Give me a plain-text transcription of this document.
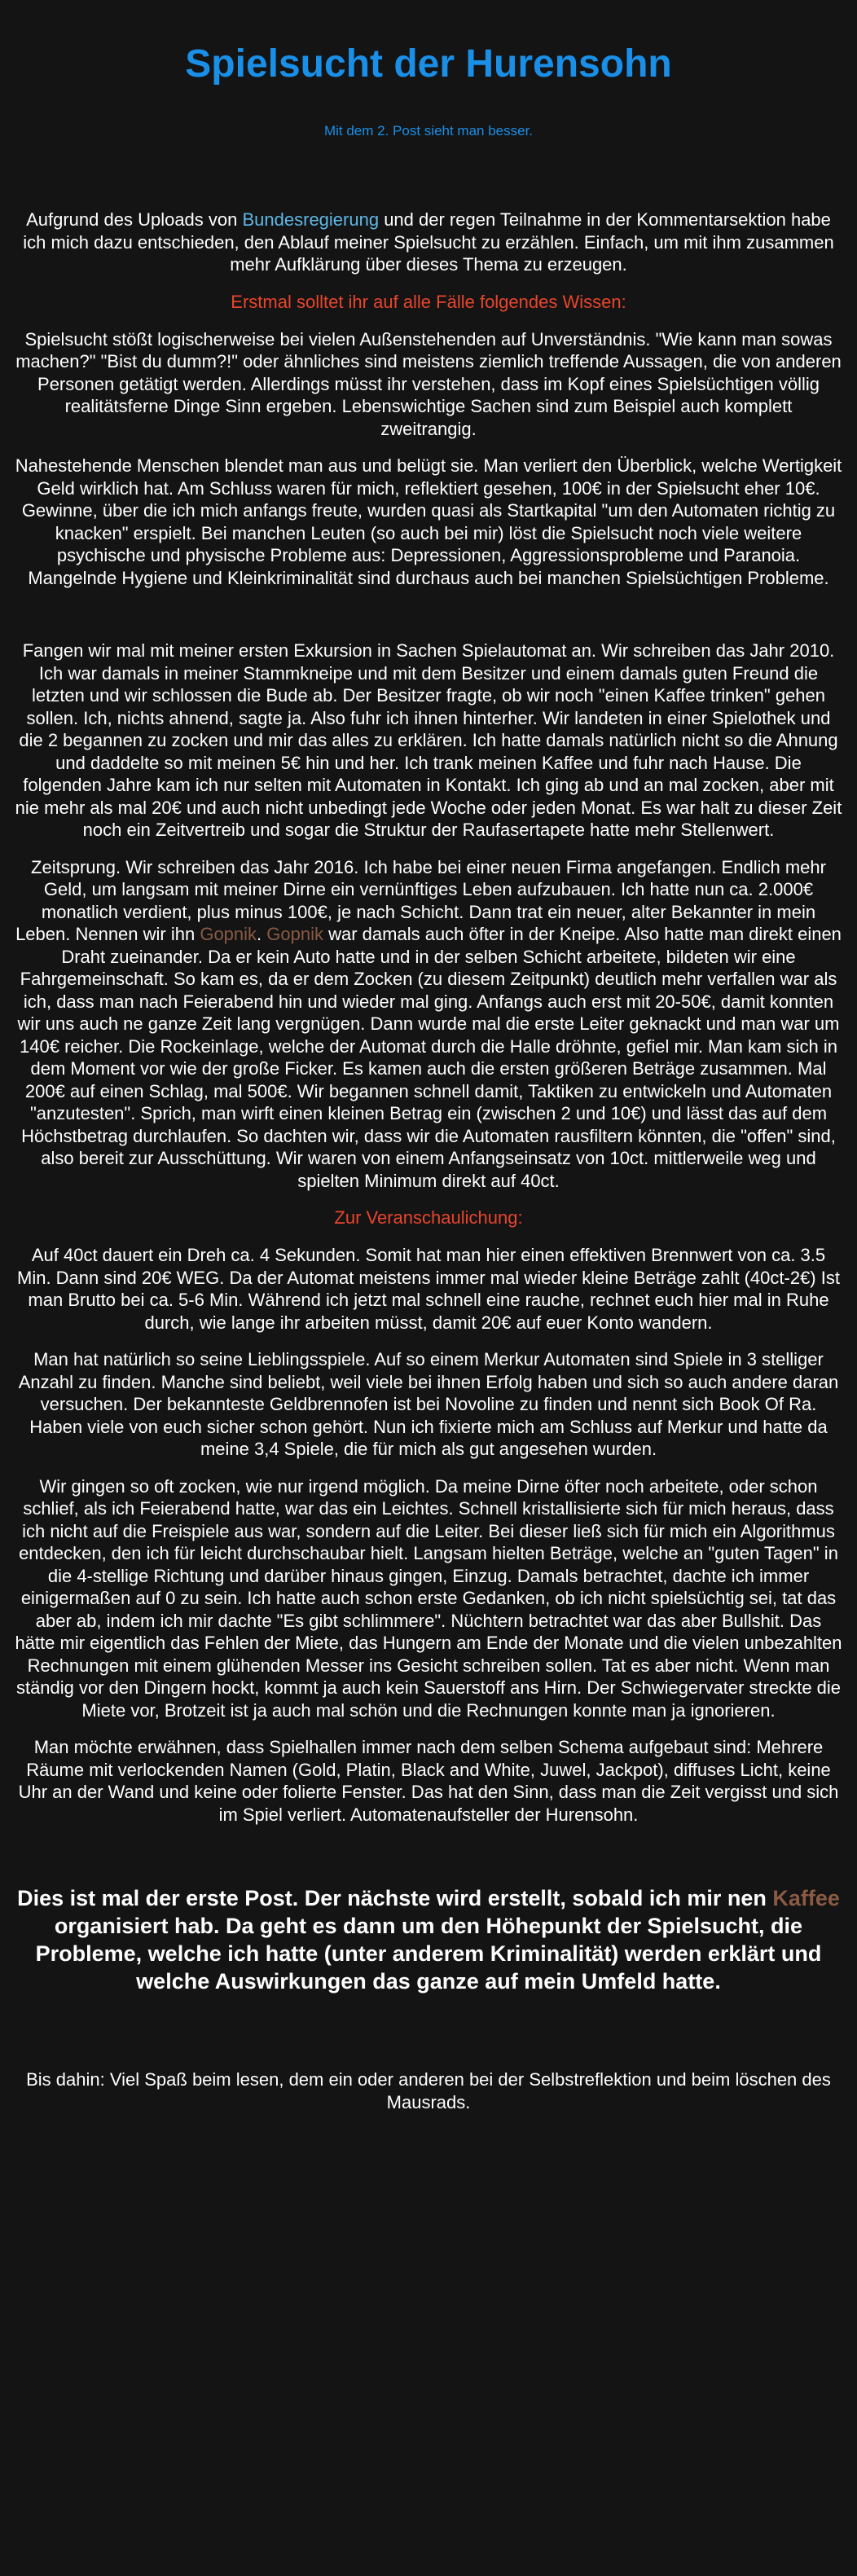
Spielsucht der Hurensohn
Mit dem 2. Post sieht man besser.

Aufgrund des Uploads von Bundesregierung und der regen Teilnahme in der Kommentarsektion habe ich mich dazu entschieden, den Ablauf meiner Spielsucht zu erzählen. Einfach, um mit ihm zusammen mehr Aufklärung über dieses Thema zu erzeugen.

Erstmal solltet ihr auf alle Fälle folgendes Wissen:

Spielsucht stößt logischerweise bei vielen Außenstehenden auf Unverständnis. "Wie kann man sowas machen?" "Bist du dumm?!" oder ähnliches sind meistens ziemlich treffende Aussagen, die von anderen Personen getätigt werden. Allerdings müsst ihr verstehen, dass im Kopf eines Spielsüchtigen völlig realitätsferne Dinge Sinn ergeben. Lebenswichtige Sachen sind zum Beispiel auch komplett zweitrangig.

Nahestehende Menschen blendet man aus und belügt sie. Man verliert den Überblick, welche Wertigkeit Geld wirklich hat. Am Schluss waren für mich, reflektiert gesehen, 100€ in der Spielsucht eher 10€. Gewinne, über die ich mich anfangs freute, wurden quasi als Startkapital "um den Automaten richtig zu knacken" erspielt. Bei manchen Leuten (so auch bei mir) löst die Spielsucht noch viele weitere psychische und physische Probleme aus: Depressionen, Aggressionsprobleme und Paranoia. Mangelnde Hygiene und Kleinkriminalität sind durchaus auch bei manchen Spielsüchtigen Probleme.

Fangen wir mal mit meiner ersten Exkursion in Sachen Spielautomat an. Wir schreiben das Jahr 2010. Ich war damals in meiner Stammkneipe und mit dem Besitzer und einem damals guten Freund die letzten und wir schlossen die Bude ab. Der Besitzer fragte, ob wir noch "einen Kaffee trinken" gehen sollen. Ich, nichts ahnend, sagte ja. Also fuhr ich ihnen hinterher. Wir landeten in einer Spielothek und die 2 begannen zu zocken und mir das alles zu erklären. Ich hatte damals natürlich nicht so die Ahnung und daddelte so mit meinen 5€ hin und her. Ich trank meinen Kaffee und fuhr nach Hause. Die folgenden Jahre kam ich nur selten mit Automaten in Kontakt. Ich ging ab und an mal zocken, aber mit nie mehr als mal 20€ und auch nicht unbedingt jede Woche oder jeden Monat. Es war halt zu dieser Zeit noch ein Zeitvertreib und sogar die Struktur der Raufasertapete hatte mehr Stellenwert.

Zeitsprung. Wir schreiben das Jahr 2016. Ich habe bei einer neuen Firma angefangen. Endlich mehr Geld, um langsam mit meiner Dirne ein vernünftiges Leben aufzubauen. Ich hatte nun ca. 2.000€ monatlich verdient, plus minus 100€, je nach Schicht. Dann trat ein neuer, alter Bekannter in mein Leben. Nennen wir ihn Gopnik. Gopnik war damals auch öfter in der Kneipe. Also hatte man direkt einen Draht zueinander. Da er kein Auto hatte und in der selben Schicht arbeitete, bildeten wir eine Fahrgemeinschaft. So kam es, da er dem Zocken (zu diesem Zeitpunkt) deutlich mehr verfallen war als ich, dass man nach Feierabend hin und wieder mal ging. Anfangs auch erst mit 20-50€, damit konnten wir uns auch ne ganze Zeit lang vergnügen. Dann wurde mal die erste Leiter geknackt und man war um 140€ reicher. Die Rockeinlage, welche der Automat durch die Halle dröhnte, gefiel mir. Man kam sich in dem Moment vor wie der große Ficker. Es kamen auch die ersten größeren Beträge zusammen. Mal 200€ auf einen Schlag, mal 500€. Wir begannen schnell damit, Taktiken zu entwickeln und Automaten "anzutesten". Sprich, man wirft einen kleinen Betrag ein (zwischen 2 und 10€) und lässt das auf dem Höchstbetrag durchlaufen. So dachten wir, dass wir die Automaten rausfiltern könnten, die "offen" sind, also bereit zur Ausschüttung. Wir waren von einem Anfangseinsatz von 10ct. mittlerweile weg und spielten Minimum direkt auf 40ct.

Zur Veranschaulichung:

Auf 40ct dauert ein Dreh ca. 4 Sekunden. Somit hat man hier einen effektiven Brennwert von ca. 3.5 Min. Dann sind 20€ WEG. Da der Automat meistens immer mal wieder kleine Beträge zahlt (40ct-2€) Ist man Brutto bei ca. 5-6 Min. Während ich jetzt mal schnell eine rauche, rechnet euch hier mal in Ruhe durch, wie lange ihr arbeiten müsst, damit 20€ auf euer Konto wandern.

Man hat natürlich so seine Lieblingsspiele. Auf so einem Merkur Automaten sind Spiele in 3 stelliger Anzahl zu finden. Manche sind beliebt, weil viele bei ihnen Erfolg haben und sich so auch andere daran versuchen. Der bekannteste Geldbrennofen ist bei Novoline zu finden und nennt sich Book Of Ra. Haben viele von euch sicher schon gehört. Nun ich fixierte mich am Schluss auf Merkur und hatte da meine 3,4 Spiele, die für mich als gut angesehen wurden.

Wir gingen so oft zocken, wie nur irgend möglich. Da meine Dirne öfter noch arbeitete, oder schon schlief, als ich Feierabend hatte, war das ein Leichtes. Schnell kristallisierte sich für mich heraus, dass ich nicht auf die Freispiele aus war, sondern auf die Leiter. Bei dieser ließ sich für mich ein Algorithmus entdecken, den ich für leicht durchschaubar hielt. Langsam hielten Beträge, welche an "guten Tagen" in die 4-stellige Richtung und darüber hinaus gingen, Einzug. Damals betrachtet, dachte ich immer einigermaßen auf 0 zu sein. Ich hatte auch schon erste Gedanken, ob ich nicht spielsüchtig sei, tat das aber ab, indem ich mir dachte "Es gibt schlimmere". Nüchtern betrachtet war das aber Bullshit. Das hätte mir eigentlich das Fehlen der Miete, das Hungern am Ende der Monate und die vielen unbezahlten Rechnungen mit einem glühenden Messer ins Gesicht schreiben sollen. Tat es aber nicht. Wenn man ständig vor den Dingern hockt, kommt ja auch kein Sauerstoff ans Hirn. Der Schwiegervater streckte die Miete vor, Brotzeit ist ja auch mal schön und die Rechnungen konnte man ja ignorieren.

Man möchte erwähnen, dass Spielhallen immer nach dem selben Schema aufgebaut sind: Mehrere Räume mit verlockenden Namen (Gold, Platin, Black and White, Juwel, Jackpot), diffuses Licht, keine Uhr an der Wand und keine oder folierte Fenster. Das hat den Sinn, dass man die Zeit vergisst und sich im Spiel verliert. Automatenaufsteller der Hurensohn.

Dies ist mal der erste Post. Der nächste wird erstellt, sobald ich mir nen Kaffee organisiert hab. Da geht es dann um den Höhepunkt der Spielsucht, die Probleme, welche ich hatte (unter anderem Kriminalität) werden erklärt und welche Auswirkungen das ganze auf mein Umfeld hatte.

Bis dahin: Viel Spaß beim lesen, dem ein oder anderen bei der Selbstreflektion und beim löschen des Mausrads.
